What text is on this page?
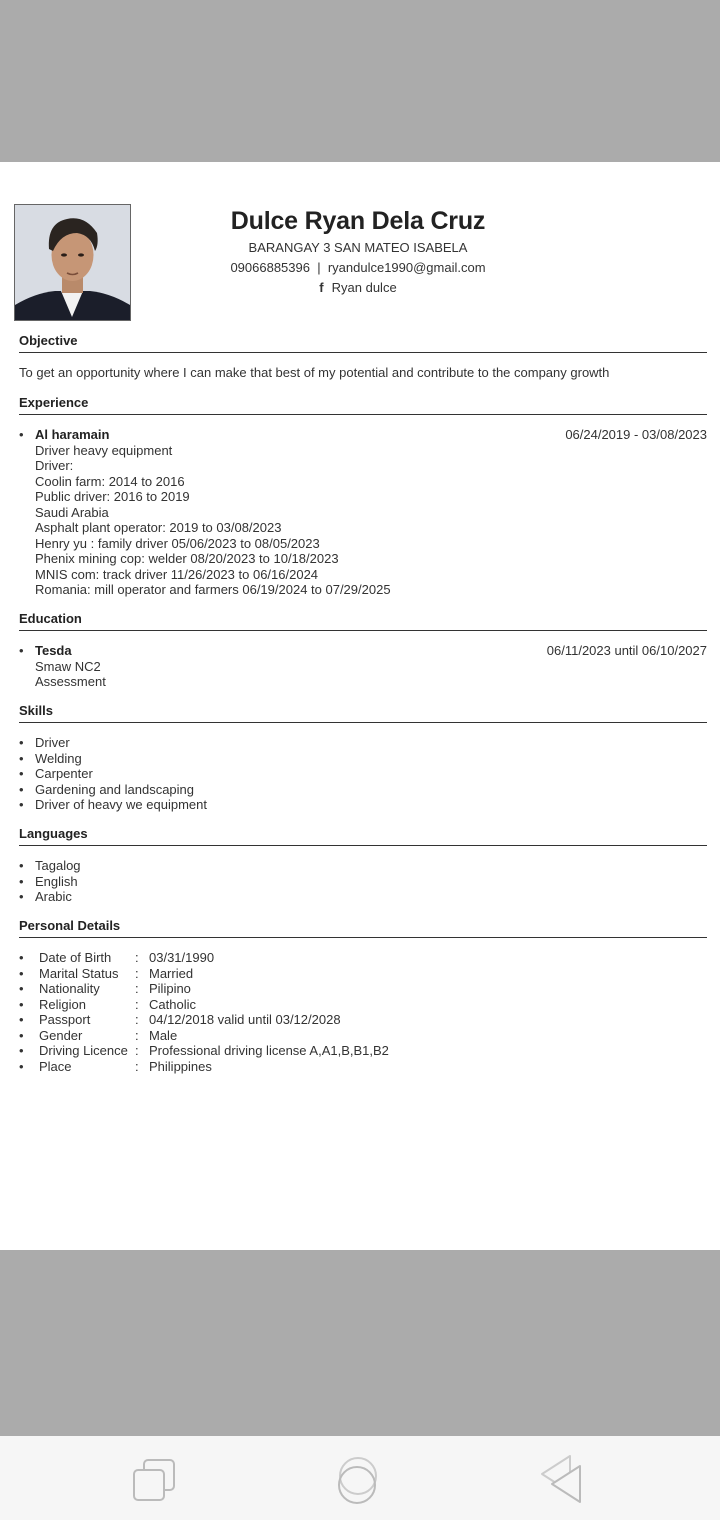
Dulce Ryan Dela Cruz
BARANGAY 3 SAN MATEO ISABELA
09066885396 | ryandulce1990@gmail.com
f Ryan dulce
Objective
To get an opportunity where I can make that best of my potential and contribute to the company growth
Experience
• Al haramain	06/24/2019 - 03/08/2023
Driver heavy equipment
Driver:
Coolin farm: 2014 to 2016
Public driver: 2016 to 2019
Saudi Arabia
Asphalt plant operator: 2019 to 03/08/2023
Henry yu : family driver 05/06/2023 to 08/05/2023
Phenix mining cop: welder 08/20/2023 to 10/18/2023
MNIS com: track driver 11/26/2023 to 06/16/2024
Romania: mill operator and farmers 06/19/2024 to 07/29/2025
Education
• Tesda	06/11/2023 until 06/10/2027
Smaw NC2
Assessment
Skills
• Driver
• Welding
• Carpenter
• Gardening and landscaping
• Driver of heavy we equipment
Languages
• Tagalog
• English
• Arabic
Personal Details
• Date of Birth : 03/31/1990
• Marital Status : Married
• Nationality	: Pilipino
• Religion	: Catholic
• Passport	: 04/12/2018 valid until 03/12/2028
• Gender	: Male
• Driving Licence : Professional driving license A,A1,B,B1,B2
• Place	: Philippines
